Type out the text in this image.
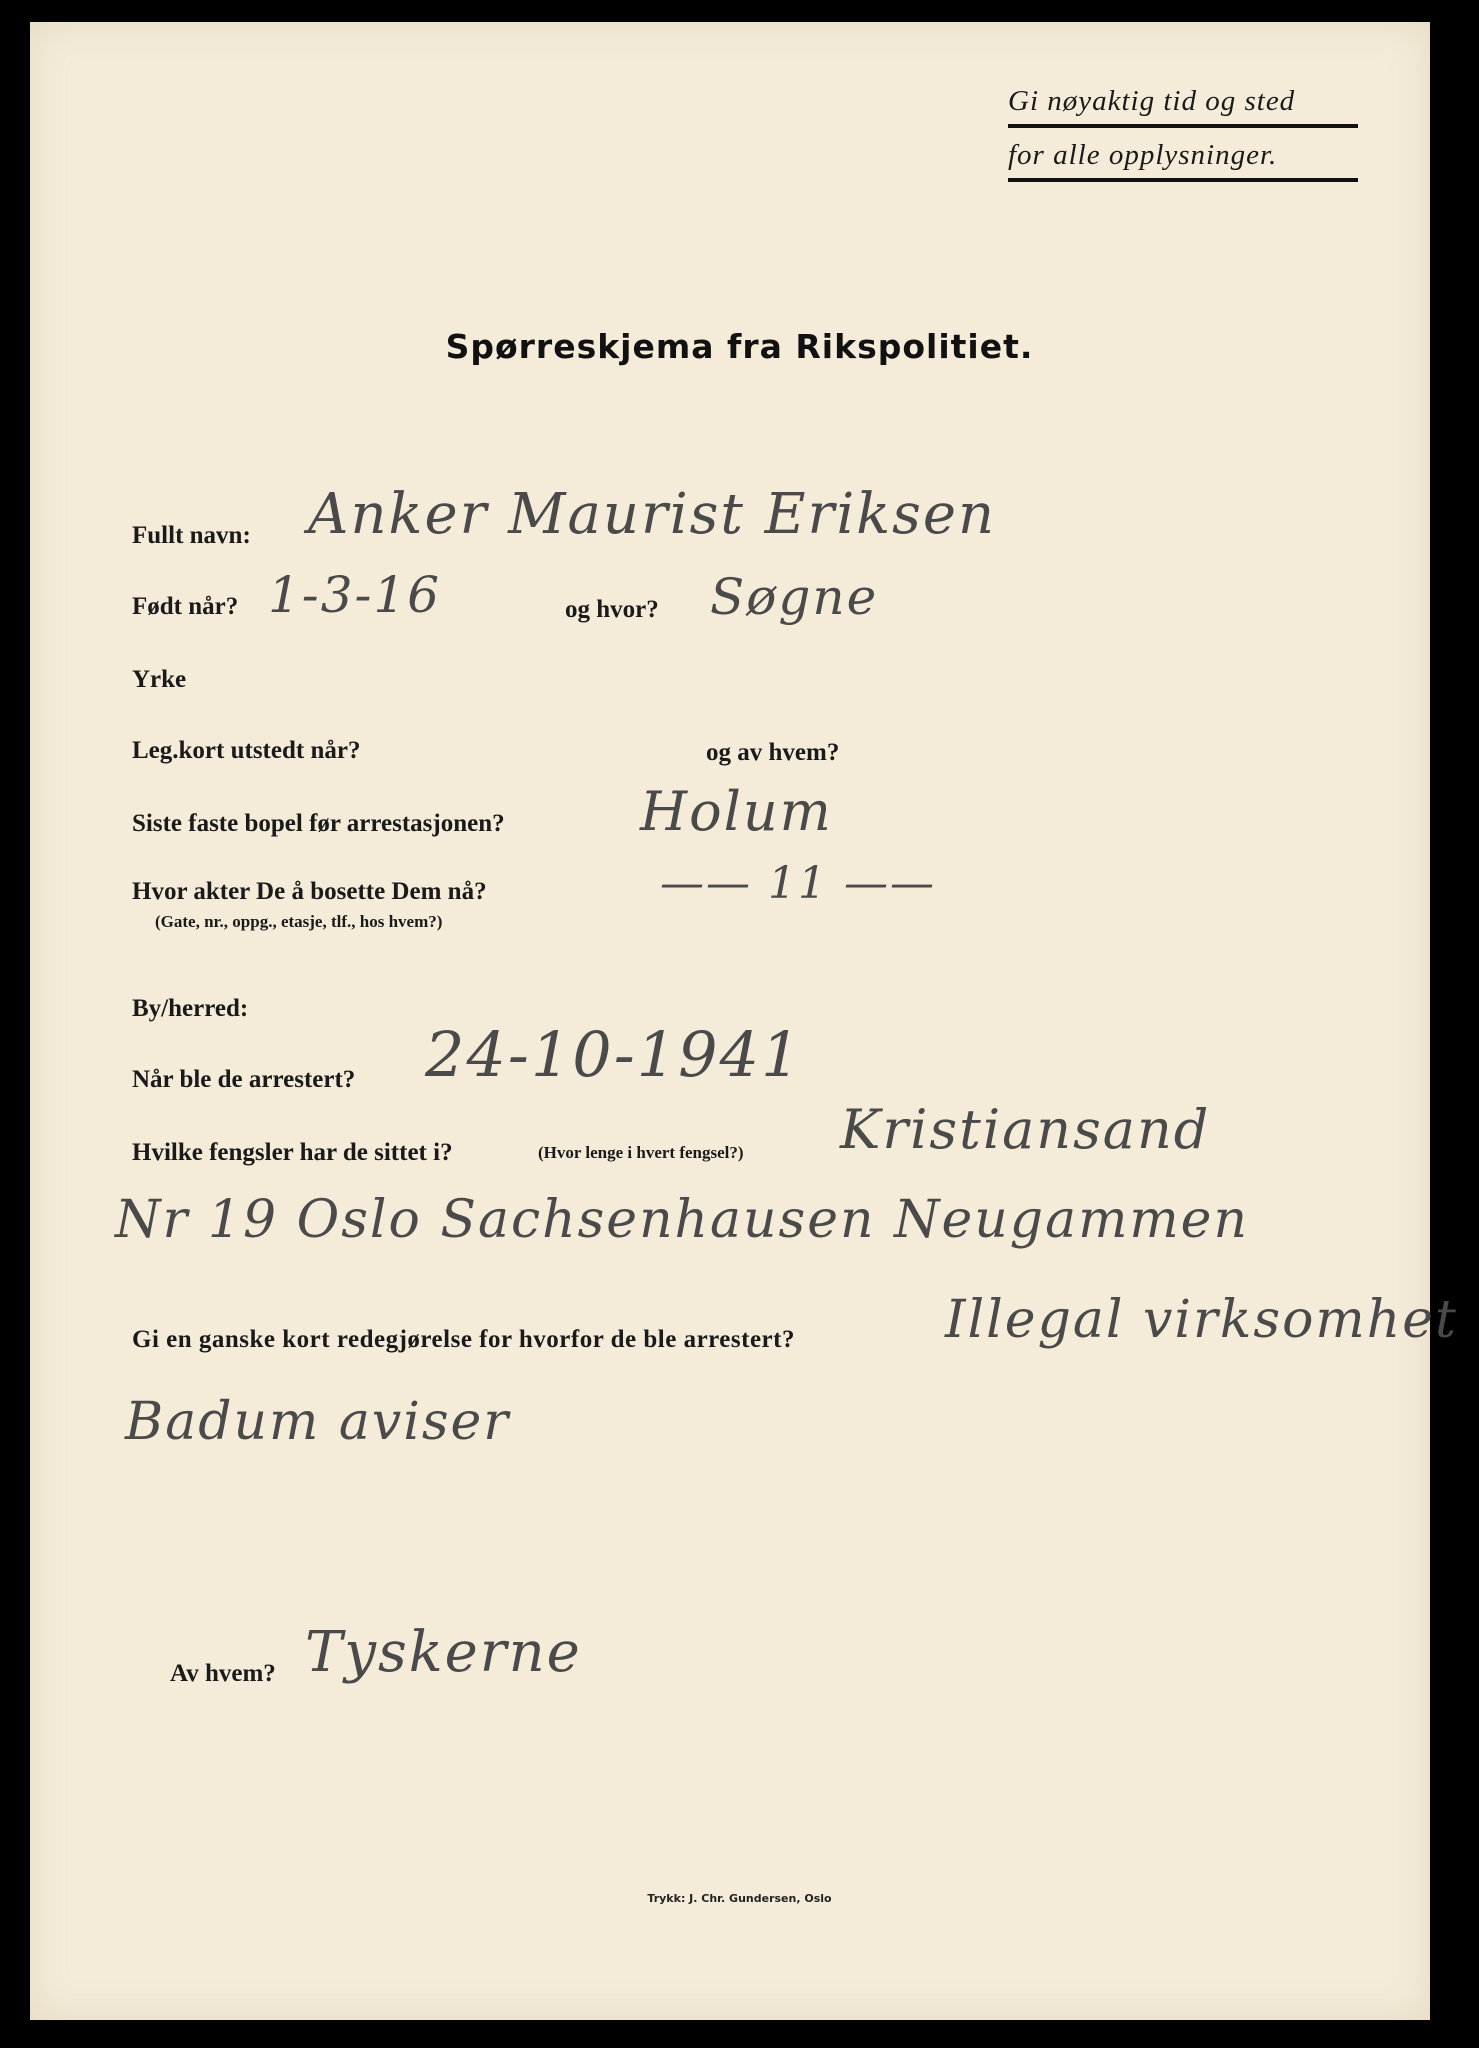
Gi nøyaktig tid og sted
for alle opplysninger.
Spørreskjema fra Rikspolitiet.
Fullt navn: Anker Maurist Eriksen
Født når? 1-3-16	og hvor? Søgne
Yrke
Leg.kort utstedt når?	og av hvem?
Siste faste bopel før arrestasjonen?	Holum
Hvor akter De å bosette Dem nå?
(Gate, nr., oppg., etasje, tlf., hos hvem?)
—— 11 ——
By/herred:
Når ble de arrestert? 24-10-1941
Hvilke fengsler har de sittet i?	(Hvor lenge i hvert fengsel?) Kristiansand
Nr 19 Oslo Sachsenhausen Neugammen
Gi en ganske kort redegjørelse for hvorfor de ble arrestert?	Illegal virksomhet
Badum aviser
Av hvem? Tyskerne
Trykk: J. Chr. Gundersen, Oslo
